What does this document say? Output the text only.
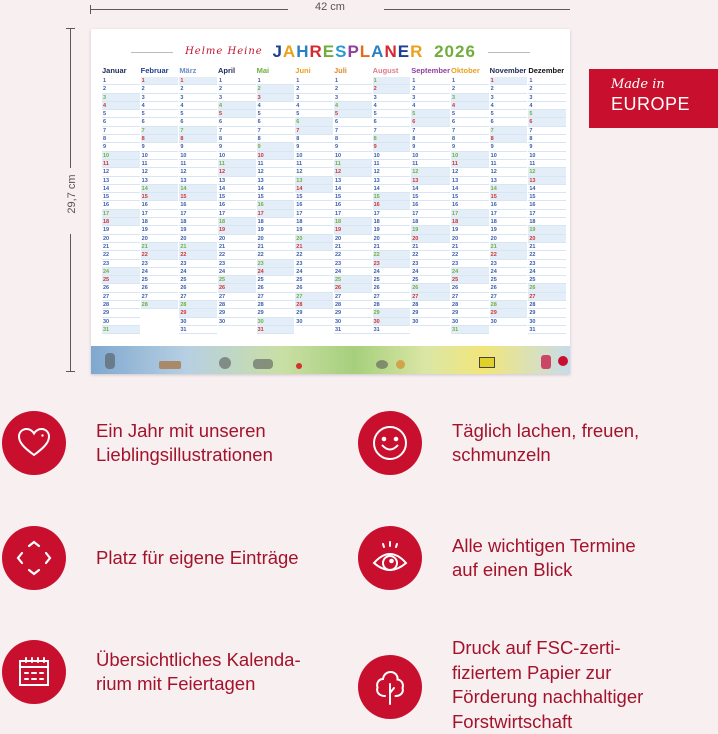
42 cm
29,7 cm
Helme Heine JAHRESPLANER 2026
Januar
1
2
3
4
5
6
7
8
9
10
11
12
13
14
15
16
17
18
19
20
21
22
23
24
25
26
27
28
29
30
31
Februar
1
2
3
4
5
6
7
8
9
10
11
12
13
14
15
16
17
18
19
20
21
22
23
24
25
26
27
28
März
1
2
3
4
5
6
7
8
9
10
11
12
13
14
15
16
17
18
19
20
21
22
23
24
25
26
27
28
29
30
31
April
1
2
3
4
5
6
7
8
9
10
11
12
13
14
15
16
17
18
19
20
21
22
23
24
25
26
27
28
29
30
Mai
1
2
3
4
5
6
7
8
9
10
11
12
13
14
15
16
17
18
19
20
21
22
23
24
25
26
27
28
29
30
31
Juni
1
2
3
4
5
6
7
8
9
10
11
12
13
14
15
16
17
18
19
20
21
22
23
24
25
26
27
28
29
30
Juli
1
2
3
4
5
6
7
8
9
10
11
12
13
14
15
16
17
18
19
20
21
22
23
24
25
26
27
28
29
30
31
August
1
2
3
4
5
6
7
8
9
10
11
12
13
14
15
16
17
18
19
20
21
22
23
24
25
26
27
28
29
30
31
September
1
2
3
4
5
6
7
8
9
10
11
12
13
14
15
16
17
18
19
20
21
22
23
24
25
26
27
28
29
30
Oktober
1
2
3
4
5
6
7
8
9
10
11
12
13
14
15
16
17
18
19
20
21
22
23
24
25
26
27
28
29
30
31
November
1
2
3
4
5
6
7
8
9
10
11
12
13
14
15
16
17
18
19
20
21
22
23
24
25
26
27
28
29
30
Dezember
1
2
3
4
5
6
7
8
9
10
11
12
13
14
15
16
17
18
19
20
21
22
23
24
25
26
27
28
29
30
31
Made in
EUROPE
Ein Jahr mit unseren
Lieblingsillustrationen
Täglich lachen, freuen,
schmunzeln
Platz für eigene Einträge
Alle wichtigen Termine
auf einen Blick
Übersichtliches Kalenda-
rium mit Feiertagen
Druck auf FSC-zerti-
fiziertem Papier zur
Förderung nachhaltiger
Forstwirtschaft
